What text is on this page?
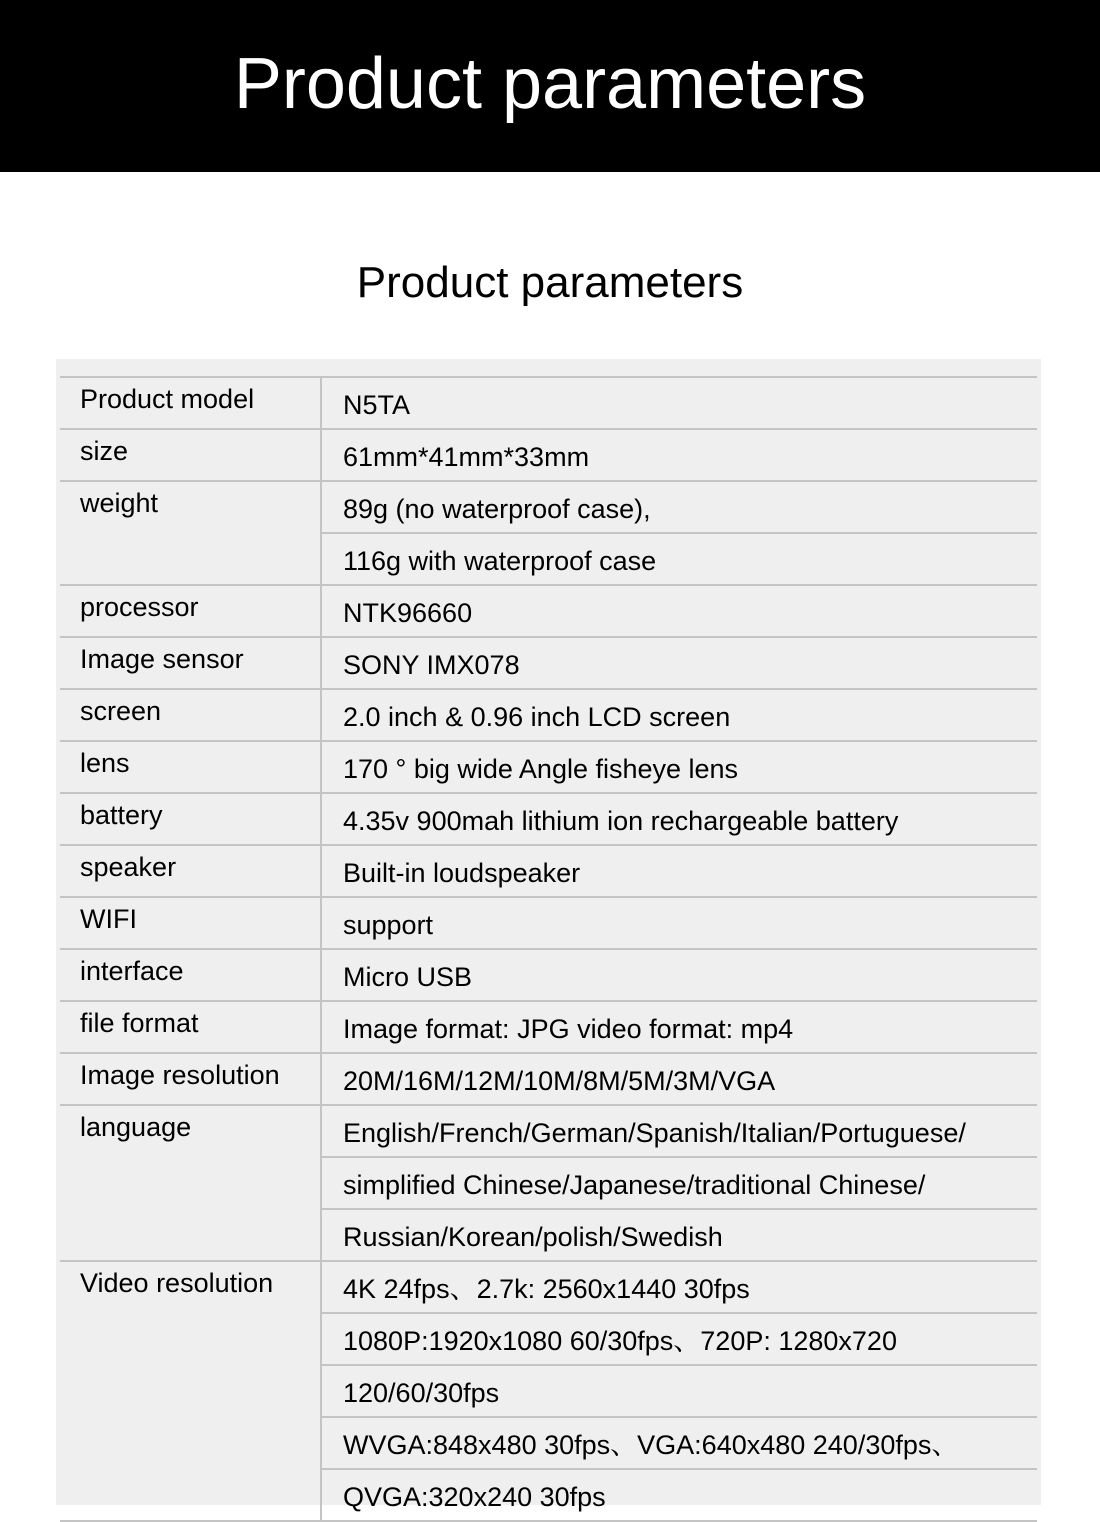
Product parameters
Product parameters
Product model	N5TA

size	61mm*41mm*33mm

weight	89g (no waterproof case),

	116g with waterproof case

processor	NTK96660

Image sensor	SONY IMX078

screen	2.0 inch & 0.96 inch LCD screen

lens	170 ° big wide Angle fisheye lens

battery	4.35v 900mah lithium ion rechargeable battery

speaker	Built-in loudspeaker

WIFI	support

interface	Micro USB

file format	Image format: JPG video format: mp4

Image resolution	20M/16M/12M/10M/8M/5M/3M/VGA

language	English/French/German/Spanish/Italian/Portuguese/

	simplified Chinese/Japanese/traditional Chinese/

	Russian/Korean/polish/Swedish

Video resolution	4K 24fps、2.7k: 2560x1440 30fps

	1080P:1920x1080 60/30fps、720P: 1280x720

	120/60/30fps

	WVGA:848x480 30fps、VGA:640x480 240/30fps、

	QVGA:320x240 30fps
